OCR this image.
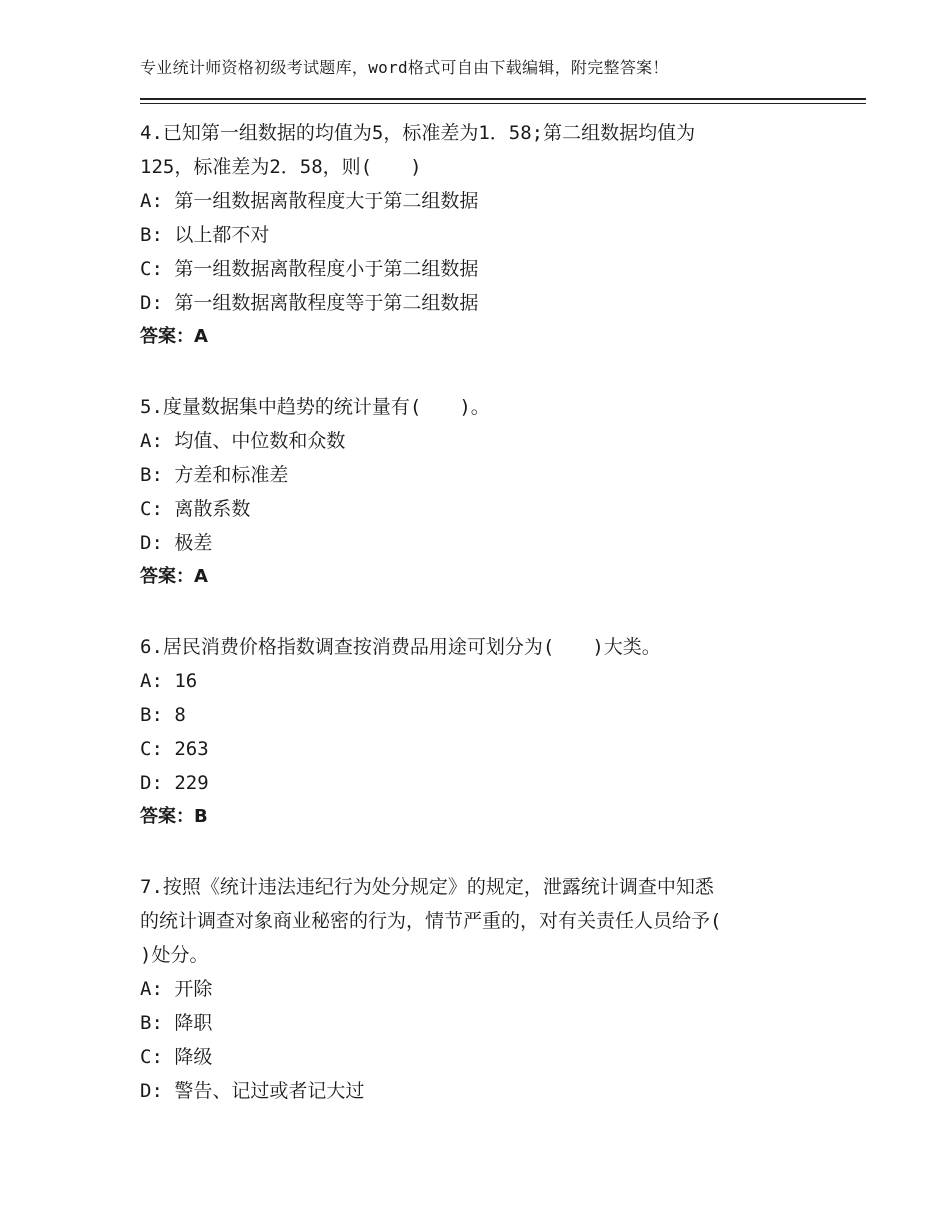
专业统计师资格初级考试题库，word格式可自由下载编辑，附完整答案！
4.已知第一组数据的均值为5，标准差为1．58;第二组数据均值为
125，标准差为2．58，则(　　)
A: 第一组数据离散程度大于第二组数据
B: 以上都不对
C: 第一组数据离散程度小于第二组数据
D: 第一组数据离散程度等于第二组数据
答案：A
5.度量数据集中趋势的统计量有(　　)。
A: 均值、中位数和众数
B: 方差和标准差
C: 离散系数
D: 极差
答案：A
6.居民消费价格指数调查按消费品用途可划分为(　　)大类。
A: 16
B: 8
C: 263
D: 229
答案：B
7.按照《统计违法违纪行为处分规定》的规定，泄露统计调查中知悉
的统计调查对象商业秘密的行为，情节严重的，对有关责任人员给予(
)处分。
A: 开除
B: 降职
C: 降级
D: 警告、记过或者记大过
